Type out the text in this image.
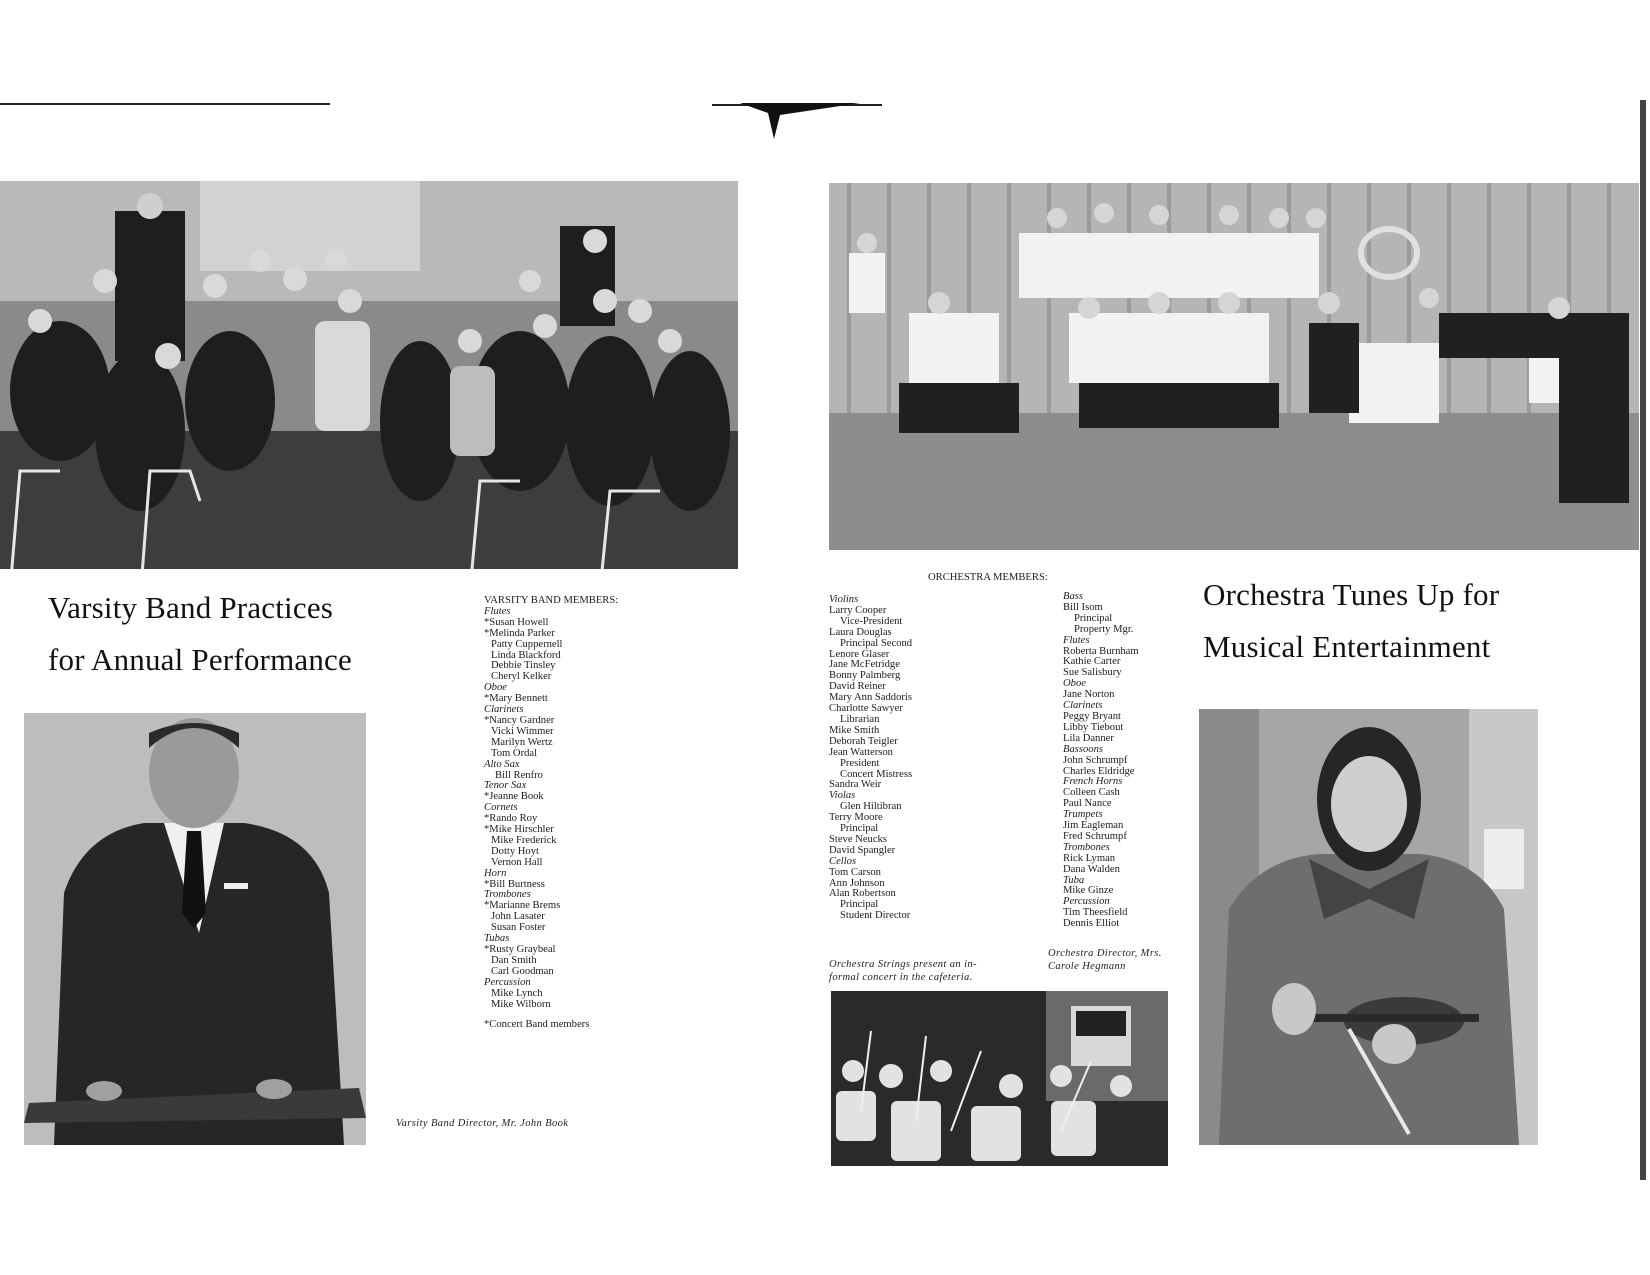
Varsity Band Practices
for Annual Performance
VARSITY BAND MEMBERS:
Flutes
*Susan Howell
*Melinda Parker
Patty Cuppernell
Linda Blackford
Debbie Tinsley
Cheryl Kelker
Oboe
*Mary Bennett
Clarinets
*Nancy Gardner
Vicki Wimmer
Marilyn Wertz
Tom Ordal
Alto Sax
Bill Renfro
Tenor Sax
*Jeanne Book
Cornets
*Rando Roy
*Mike Hirschler
Mike Frederick
Dotty Hoyt
Vernon Hall
Horn
*Bill Burtness
Trombones
*Marianne Brems
John Lasater
Susan Foster
Tubas
*Rusty Graybeal
Dan Smith
Carl Goodman
Percussion
Mike Lynch
Mike Wilborn
*Concert Band members
Varsity Band Director, Mr. John Book
ORCHESTRA MEMBERS:
Violins
Larry Cooper
Vice-President
Laura Douglas
Principal Second
Lenore Glaser
Jane McFetridge
Bonny Palmberg
David Reiner
Mary Ann Saddoris
Charlotte Sawyer
Librarian
Mike Smith
Deborah Teigler
Jean Watterson
President
Concert Mistress
Sandra Weir
Violas
Glen Hiltibran
Terry Moore
Principal
Steve Neucks
David Spangler
Cellos
Tom Carson
Ann Johnson
Alan Robertson
Principal
Student Director
Bass
Bill Isom
Principal
Property Mgr.
Flutes
Roberta Burnham
Kathie Carter
Sue Salisbury
Oboe
Jane Norton
Clarinets
Peggy Bryant
Libby Tiebout
Lila Danner
Bassoons
John Schrumpf
Charles Eldridge
French Horns
Colleen Cash
Paul Nance
Trumpets
Jim Eagleman
Fred Schrumpf
Trombones
Rick Lyman
Dana Walden
Tuba
Mike Ginze
Percussion
Tim Theesfield
Dennis Elliot
Orchestra Strings present an in-
formal concert in the cafeteria.
Orchestra Director, Mrs.
Carole Hegmann
Orchestra Tunes Up for
Musical Entertainment
